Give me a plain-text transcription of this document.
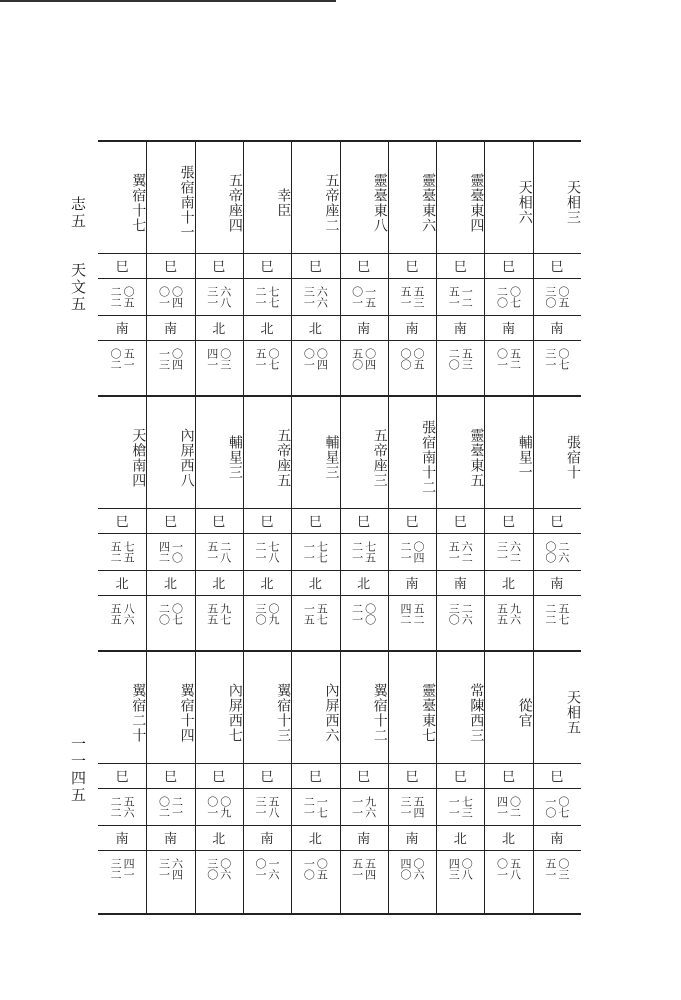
志五
天文五
一一四五
天相三
巳
三〇 〇五
南
三一 〇七
張宿十
巳
〇〇 二六
南
二二 五七
天相五
巳
一〇 〇七
南
五一 〇三
天相六
巳
二〇 〇七
南
〇一 五二
輔星一
巳
三一 六二
北
五五 九六
從官
巳
四一 〇二
北
〇一 五八
靈臺東四
巳
五一 一二
南
二〇 五三
靈臺東五
巳
五一 六二
南
三〇 二六
常陳西三
巳
一一 七三
北
四三 〇八
靈臺東六
巳
五一 五三
南
〇〇 〇五
張宿南十二
巳
二一 〇四
南
四二 五二
靈臺東七
巳
三一 五四
南
四〇 〇六
靈臺東八
巳
〇一 一五
南
五〇 〇四
五帝座三
巳
二一 七五
北
二一 〇〇
翼宿十二
巳
一一 九六
南
五一 五四
五帝座二
巳
三一 六六
北
〇一 〇四
輔星三
巳
一一 七七
北
一五 五七
內屏西六
巳
二一 一七
北
一〇 〇五
幸臣
巳
二一 七七
北
五一 〇七
五帝座五
巳
二一 七八
北
三〇 〇九
翼宿十三
巳
三一 五八
南
〇一 一六
五帝座四
巳
三一 六八
北
四一 〇三
輔星三
巳
五一 二八
北
五五 九七
內屏西七
巳
〇一 〇九
北
三〇 〇六
張宿南十一
巳
〇一 〇四
南
一三 〇四
內屏西八
巳
四二 一〇
北
二〇 〇七
翼宿十四
巳
〇二 二一
南
三一 六四
翼宿十七
巳
二二 〇五
南
〇二 五一
天槍南四
巳
五二 七五
北
五五 八六
翼宿二十
巳
二二 五六
南
三二 四一
